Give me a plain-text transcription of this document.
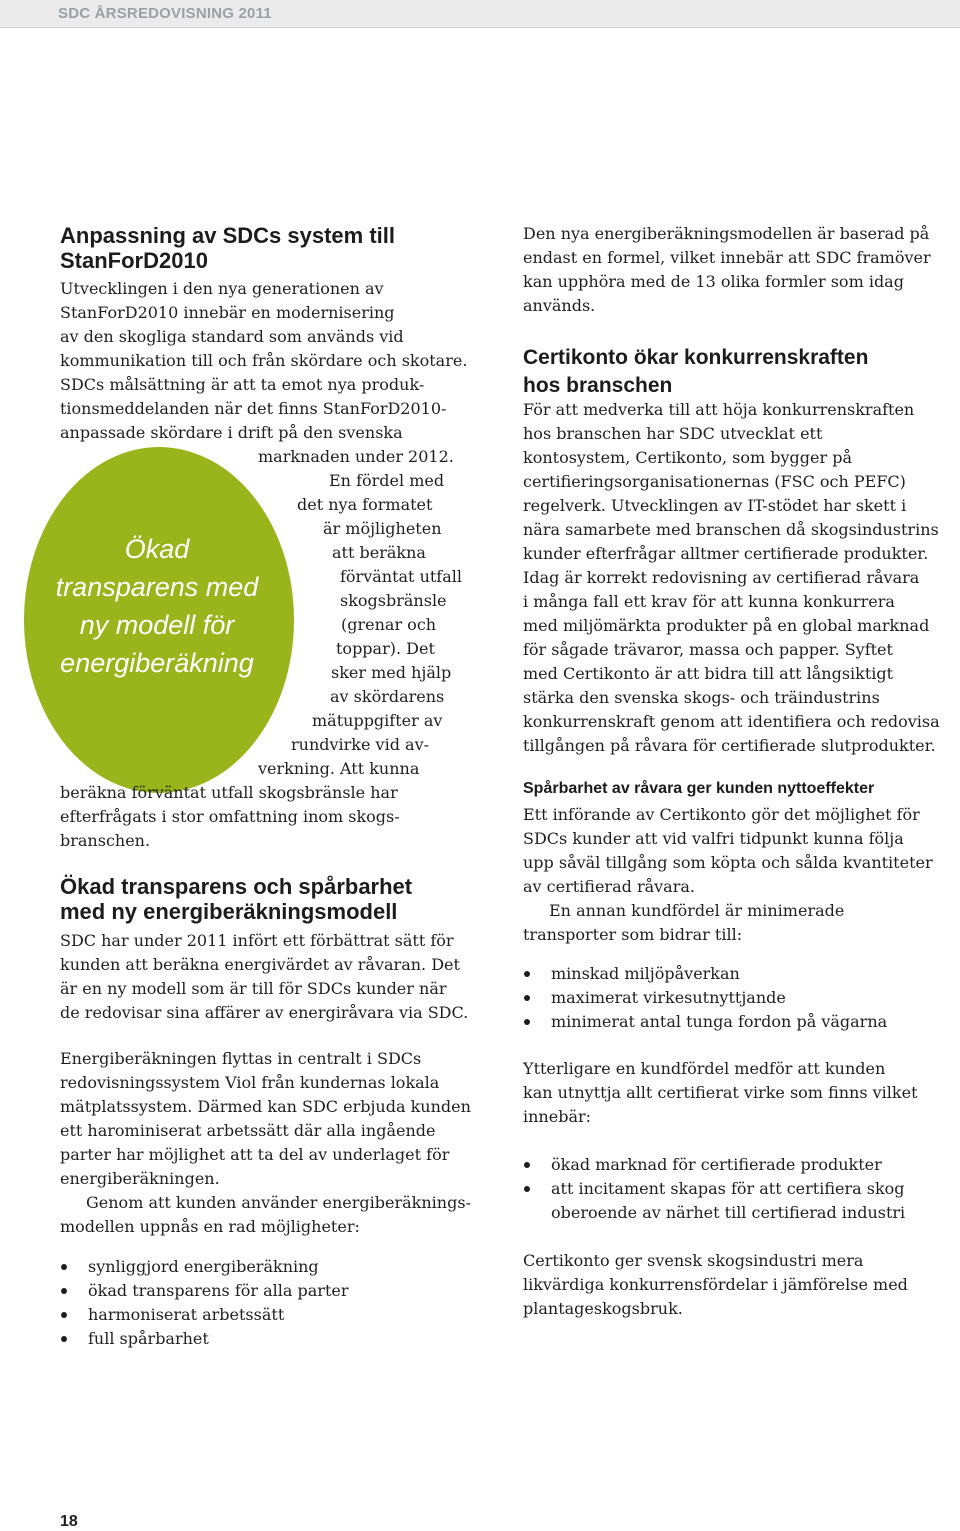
SDC ÅRSREDOVISNING 2011
Ökad
transparens med
ny modell för
energiberäkning
Anpassning av SDCs system till
StanForD2010
Utvecklingen i den nya generationen av
StanForD2010 innebär en modernisering
av den skogliga standard som används vid
kommunikation till och från skördare och skotare.
SDCs målsättning är att ta emot nya produk-
tionsmeddelanden när det finns StanForD2010-
anpassade skördare i drift på den svenska
marknaden under 2012.
En fördel med
det nya formatet
är möjligheten
att beräkna
förväntat utfall
skogsbränsle
(grenar och
toppar). Det
sker med hjälp
av skördarens
mätuppgifter av
rundvirke vid av-
verkning. Att kunna
beräkna förväntat utfall skogsbränsle har
efterfrågats i stor omfattning inom skogs-
branschen.
Ökad transparens och spårbarhet
med ny energiberäkningsmodell

SDC har under 2011 infört ett förbättrat sätt för

kunden att beräkna energivärdet av råvaran. Det

är en ny modell som är till för SDCs kunder när

de redovisar sina affärer av energiråvara via SDC.

Energiberäkningen flyttas in centralt i SDCs

redovisningssystem Viol från kundernas lokala

mätplatssystem. Därmed kan SDC erbjuda kunden

ett harominiserat arbetssätt där alla ingående

parter har möjlighet att ta del av underlaget för

energiberäkningen.

Genom att kunden använder energiberäknings-

modellen uppnås en rad möjligheter:

synliggjord energiberäkning
ökad transparens för alla parter
harmoniserat arbetssätt
full spårbarhet

Den nya energiberäkningsmodellen är baserad på

endast en formel, vilket innebär att SDC framöver

kan upphöra med de 13 olika formler som idag

används.

Certikonto ökar konkurrenskraften
hos branschen

För att medverka till att höja konkurrenskraften

hos branschen har SDC utvecklat ett

kontosystem, Certikonto, som bygger på

certifieringsorganisationernas (FSC och PEFC)

regelverk. Utvecklingen av IT-stödet har skett i

nära samarbete med branschen då skogsindustrins

kunder efterfrågar alltmer certifierade produkter.

Idag är korrekt redovisning av certifierad råvara

i många fall ett krav för att kunna konkurrera

med miljömärkta produkter på en global marknad

för sågade trävaror, massa och papper. Syftet

med Certikonto är att bidra till att långsiktigt

stärka den svenska skogs- och träindustrins

konkurrenskraft genom att identifiera och redovisa

tillgången på råvara för certifierade slutprodukter.

Spårbarhet av råvara ger kunden nyttoeffekter

Ett införande av Certikonto gör det möjlighet för

SDCs kunder att vid valfri tidpunkt kunna följa

upp såväl tillgång som köpta och sålda kvantiteter

av certifierad råvara.

En annan kundfördel är minimerade

transporter som bidrar till:

minskad miljöpåverkan
maximerat virkesutnyttjande
minimerat antal tunga fordon på vägarna

Ytterligare en kundfördel medför att kunden

kan utnyttja allt certifierat virke som finns vilket

innebär:

ökad marknad för certifierade produkter
att incitament skapas för att certifiera skog
oberoende av närhet till certifierad industri

Certikonto ger svensk skogsindustri mera

likvärdiga konkurrensfördelar i jämförelse med

plantageskogsbruk.

18
